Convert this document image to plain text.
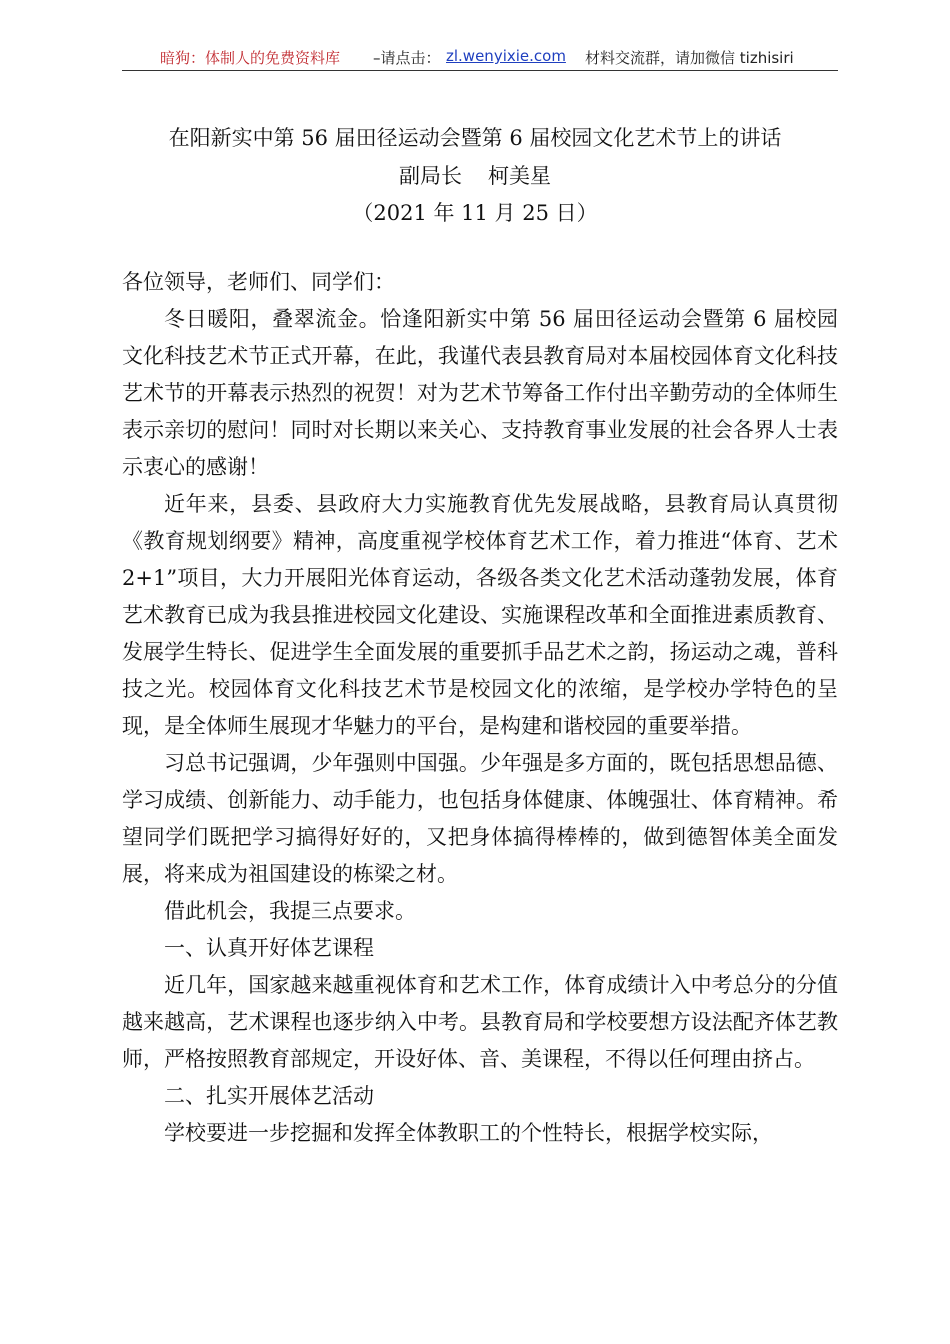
暗狗：体制人的免费资料库 –请点击： zl.wenyixie.com 材料交流群，请加微信 tizhisiri
在阳新实中第 56 届田径运动会暨第 6 届校园文化艺术节上的讲话
副局长 柯美星
（2021 年 11 月 25 日）

各位领导，老师们、同学们：

冬日暖阳，叠翠流金。恰逢阳新实中第 56 届田径运动会暨第 6 届校园文化科技艺术节正式开幕，在此，我谨代表县教育局对本届校园体育文化科技艺术节的开幕表示热烈的祝贺！对为艺术节筹备工作付出辛勤劳动的全体师生表示亲切的慰问！同时对长期以来关心、支持教育事业发展的社会各界人士表示衷心的感谢！

近年来，县委、县政府大力实施教育优先发展战略，县教育局认真贯彻《教育规划纲要》精神，高度重视学校体育艺术工作，着力推进“体育、艺术 2+1”项目，大力开展阳光体育运动，各级各类文化艺术活动蓬勃发展，体育艺术教育已成为我县推进校园文化建设、实施课程改革和全面推进素质教育、发展学生特长、促进学生全面发展的重要抓手品艺术之韵，扬运动之魂，普科技之光。校园体育文化科技艺术节是校园文化的浓缩，是学校办学特色的呈现，是全体师生展现才华魅力的平台，是构建和谐校园的重要举措。

习总书记强调，少年强则中国强。少年强是多方面的，既包括思想品德、学习成绩、创新能力、动手能力，也包括身体健康、体魄强壮、体育精神。希望同学们既把学习搞得好好的，又把身体搞得棒棒的，做到德智体美全面发展，将来成为祖国建设的栋梁之材。

借此机会，我提三点要求。

一、认真开好体艺课程

近几年，国家越来越重视体育和艺术工作，体育成绩计入中考总分的分值越来越高，艺术课程也逐步纳入中考。县教育局和学校要想方设法配齐体艺教师，严格按照教育部规定，开设好体、音、美课程，不得以任何理由挤占。

二、扎实开展体艺活动

学校要进一步挖掘和发挥全体教职工的个性特长，根据学校实际，
